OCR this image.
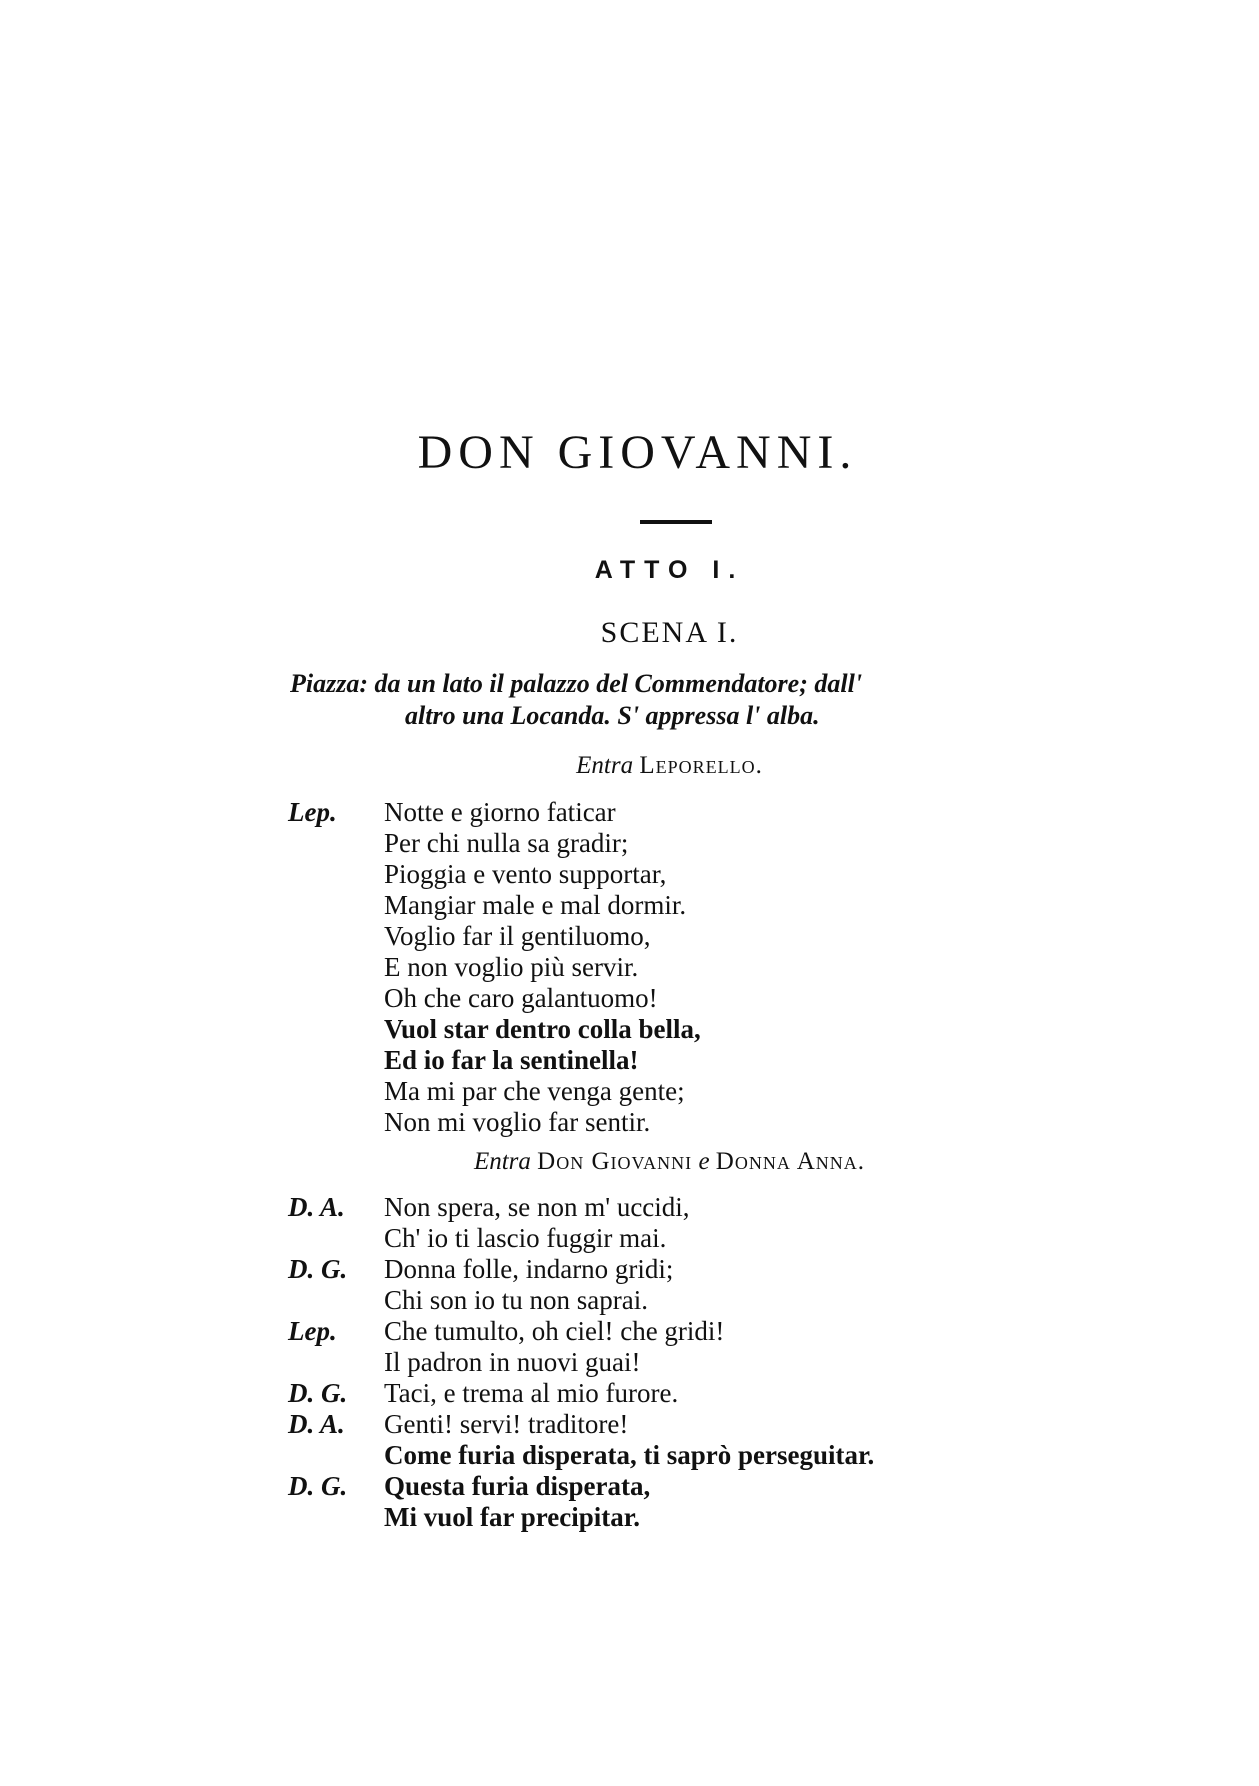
DON GIOVANNI.
ATTO I.
SCENA I.
Piazza: da un lato il palazzo del Commendatore; dall'
altro una Locanda. S' appressa l' alba.
Entra Leporello.
Lep. Notte e giorno faticar
Per chi nulla sa gradir;
Pioggia e vento supportar,
Mangiar male e mal dormir.
Voglio far il gentiluomo,
E non voglio più servir.
Oh che caro galantuomo!
Vuol star dentro colla bella,
Ed io far la sentinella!
Ma mi par che venga gente;
Non mi voglio far sentir.
Entra Don Giovanni e Donna Anna.
D. A. Non spera, se non m' uccidi,
Ch' io ti lascio fuggir mai.
D. G. Donna folle, indarno gridi;
Chi son io tu non saprai.
Lep. Che tumulto, oh ciel! che gridi!
Il padron in nuovi guai!
D. G. Taci, e trema al mio furore.
D. A. Genti! servi! traditore!
Come furia disperata, ti saprò perseguitar.
D. G. Questa furia disperata,
Mi vuol far precipitar.
